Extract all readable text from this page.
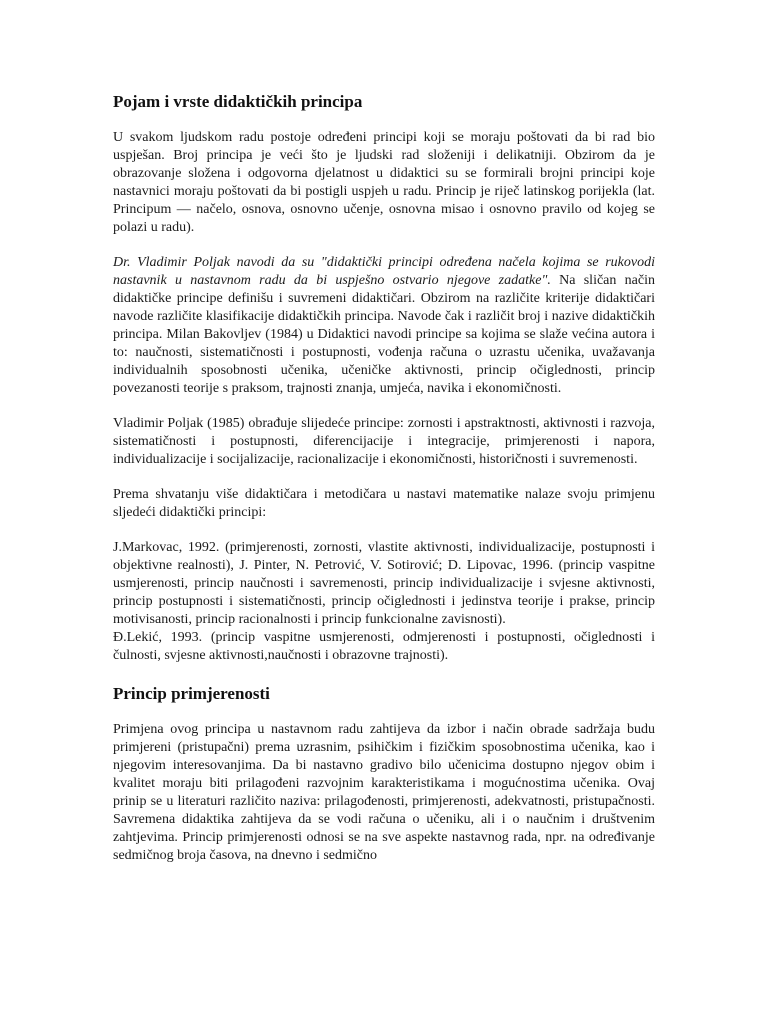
Pojam i vrste didaktičkih principa

U svakom ljudskom radu postoje određeni principi koji se moraju poštovati da bi rad bio uspješan. Broj principa je veći što je ljudski rad složeniji i delikatniji. Obzirom da je obrazovanje složena i odgovorna djelatnost u didaktici su se formirali brojni principi koje nastavnici moraju poštovati da bi postigli uspjeh u radu. Princip je riječ latinskog porijekla (lat. Principum — načelo, osnova, osnovno učenje, osnovna misao i osnovno pravilo od kojeg se polazi u radu).

Dr. Vladimir Poljak navodi da su "didaktički principi određena načela kojima se rukovodi nastavnik u nastavnom radu da bi uspješno ostvario njegove zadatke". Na sličan način didaktičke principe definišu i suvremeni didaktičari. Obzirom na različite kriterije didaktičari navode različite klasifikacije didaktičkih principa. Navode čak i različit broj i nazive didaktičkih principa. Milan Bakovljev (1984) u Didaktici navodi principe sa kojima se slaže većina autora i to: naučnosti, sistematičnosti i postupnosti, vođenja računa o uzrastu učenika, uvažavanja individualnih sposobnosti učenika, učeničke aktivnosti, princip očiglednosti, princip povezanosti teorije s praksom, trajnosti znanja, umjeća, navika i ekonomičnosti.

Vladimir Poljak (1985) obrađuje slijedeće principe: zornosti i apstraktnosti, aktivnosti i razvoja, sistematičnosti i postupnosti, diferencijacije i integracije, primjerenosti i napora, individualizacije i socijalizacije, racionalizacije i ekonomičnosti, historičnosti i suvremenosti.

Prema shvatanju više didaktičara i metodičara u nastavi matematike nalaze svoju primjenu sljedeći didaktički principi:

J.Markovac, 1992. (primjerenosti, zornosti, vlastite aktivnosti, individualizacije, postupnosti i objektivne realnosti), J. Pinter, N. Petrović, V. Sotirović; D. Lipovac, 1996. (princip vaspitne usmjerenosti, princip naučnosti i savremenosti, princip individualizacije i svjesne aktivnosti, princip postupnosti i sistematičnosti, princip očiglednosti i jedinstva teorije i prakse, princip motivisanosti, princip racionalnosti i princip funkcionalne zavisnosti).

Đ.Lekić, 1993. (princip vaspitne usmjerenosti, odmjerenosti i postupnosti, očiglednosti i čulnosti, svjesne aktivnosti,naučnosti i obrazovne trajnosti).

Princip primjerenosti

Primjena ovog principa u nastavnom radu zahtijeva da izbor i način obrade sadržaja budu primjereni (pristupačni) prema uzrasnim, psihičkim i fizičkim sposobnostima učenika, kao i njegovim interesovanjima. Da bi nastavno gradivo bilo učenicima dostupno njegov obim i kvalitet moraju biti prilagođeni razvojnim karakteristikama i mogućnostima učenika. Ovaj prinip se u literaturi različito naziva: prilagođenosti, primjerenosti, adekvatnosti, pristupačnosti. Savremena didaktika zahtijeva da se vodi računa o učeniku, ali i o naučnim i društvenim zahtjevima. Princip primjerenosti odnosi se na sve aspekte nastavnog rada, npr. na određivanje sedmičnog broja časova, na dnevno i sedmično
